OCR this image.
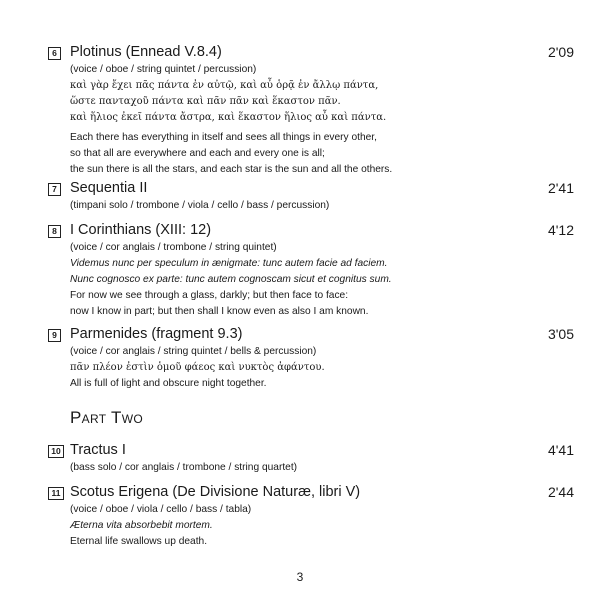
6 Plotinus (Ennead V.8.4)	2'09
(voice / oboe / string quintet / percussion)
καὶ γὰρ ἔχει πᾶς πάντα ἐν αὐτῷ, καὶ αὖ ὁρᾷ ἐν ἄλλῳ πάντα,
ὥστε πανταχοῦ πάντα καὶ πᾶν πᾶν καὶ ἕκαστον πᾶν.
καὶ ἥλιος ἐκεῖ πάντα ἄστρα, καὶ ἕκαστον ἥλιος αὖ καὶ πάντα.
Each there has everything in itself and sees all things in every other,
so that all are everywhere and each and every one is all;
the sun there is all the stars, and each star is the sun and all the others.
7 Sequentia II	2'41
(timpani solo / trombone / viola / cello / bass / percussion)
8 I Corinthians (XIII: 12)	4'12
(voice / cor anglais / trombone / string quintet)
Videmus nunc per speculum in ænigmate: tunc autem facie ad faciem.
Nunc cognosco ex parte: tunc autem cognoscam sicut et cognitus sum.
For now we see through a glass, darkly; but then face to face:
now I know in part; but then shall I know even as also I am known.
9 Parmenides (fragment 9.3)	3'05
(voice / cor anglais / string quintet / bells & percussion)
πᾶν πλέον ἐστὶν ὁμοῦ φάεος καὶ νυκτὸς ἀφάντου.
All is full of light and obscure night together.
Part Two
10 Tractus I	4'41
(bass solo / cor anglais / trombone / string quartet)
11 Scotus Erigena (De Divisione Naturæ, libri V)	2'44
(voice / oboe / viola / cello / bass / tabla)
Æterna vita absorbebit mortem.
Eternal life swallows up death.
3
